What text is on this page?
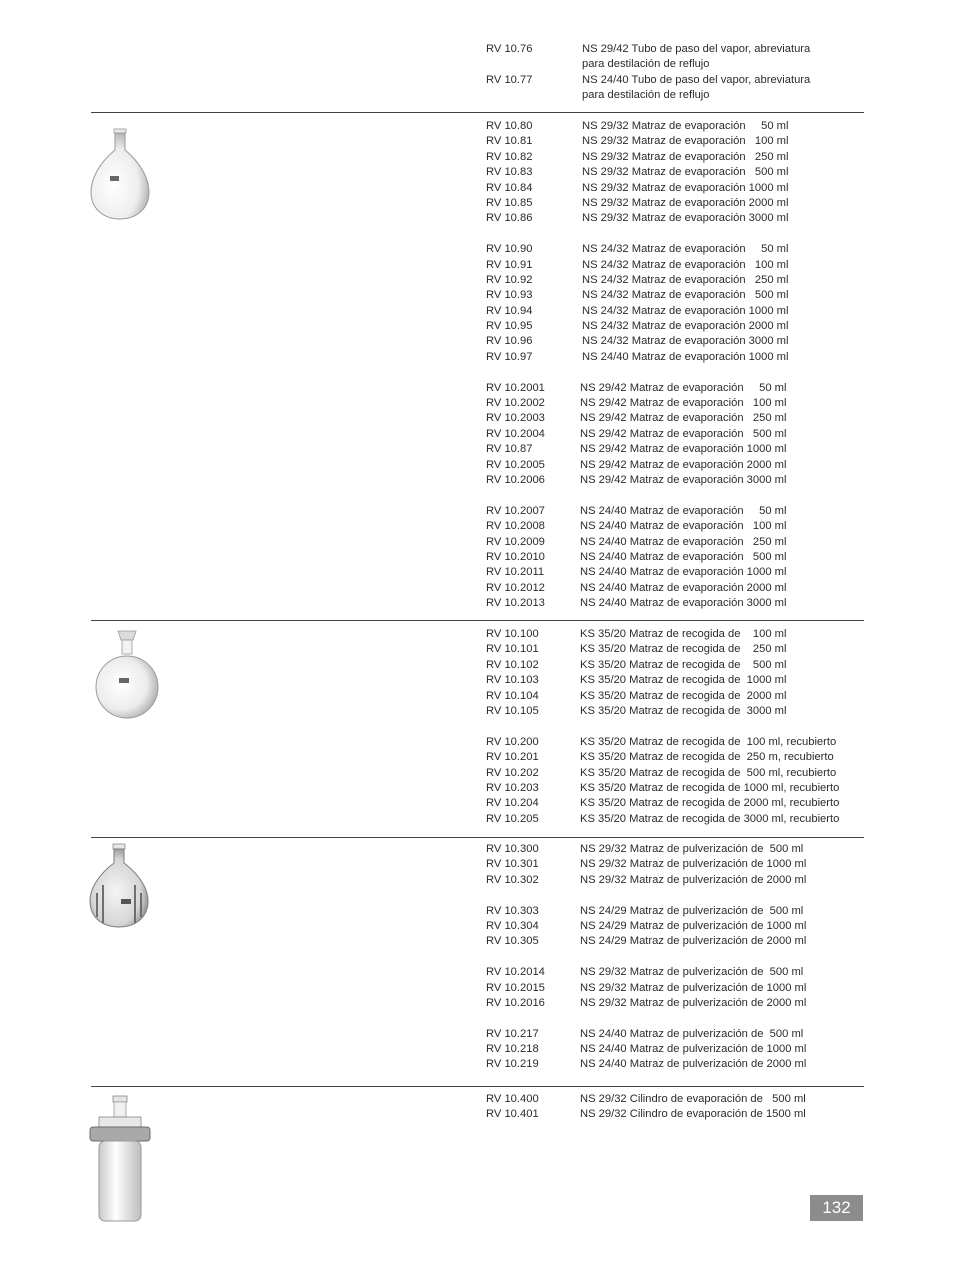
RV 10.76	NS 29/42 Tubo de paso del vapor, abreviatura
para destilación de reflujo
RV 10.77	NS 24/40 Tubo de paso del vapor, abreviatura
para destilación de reflujo
RV 10.80	NS 29/32 Matraz de evaporación     50 ml
RV 10.81	NS 29/32 Matraz de evaporación   100 ml
RV 10.82	NS 29/32 Matraz de evaporación   250 ml
RV 10.83	NS 29/32 Matraz de evaporación   500 ml
RV 10.84	NS 29/32 Matraz de evaporación 1000 ml
RV 10.85	NS 29/32 Matraz de evaporación 2000 ml
RV 10.86	NS 29/32 Matraz de evaporación 3000 ml
RV 10.90	NS 24/32 Matraz de evaporación     50 ml
RV 10.91	NS 24/32 Matraz de evaporación   100 ml
RV 10.92	NS 24/32 Matraz de evaporación   250 ml
RV 10.93	NS 24/32 Matraz de evaporación   500 ml
RV 10.94	NS 24/32 Matraz de evaporación 1000 ml
RV 10.95	NS 24/32 Matraz de evaporación 2000 ml
RV 10.96	NS 24/32 Matraz de evaporación 3000 ml
RV 10.97	NS 24/40 Matraz de evaporación 1000 ml
RV 10.2001	NS 29/42 Matraz de evaporación     50 ml
RV 10.2002	NS 29/42 Matraz de evaporación   100 ml
RV 10.2003	NS 29/42 Matraz de evaporación   250 ml
RV 10.2004	NS 29/42 Matraz de evaporación   500 ml
RV 10.87	NS 29/42 Matraz de evaporación 1000 ml
RV 10.2005	NS 29/42 Matraz de evaporación 2000 ml
RV 10.2006	NS 29/42 Matraz de evaporación 3000 ml
RV 10.2007	NS 24/40 Matraz de evaporación     50 ml
RV 10.2008	NS 24/40 Matraz de evaporación   100 ml
RV 10.2009	NS 24/40 Matraz de evaporación   250 ml
RV 10.2010	NS 24/40 Matraz de evaporación   500 ml
RV 10.2011	NS 24/40 Matraz de evaporación 1000 ml
RV 10.2012	NS 24/40 Matraz de evaporación 2000 ml
RV 10.2013	NS 24/40 Matraz de evaporación 3000 ml
RV 10.100	KS 35/20 Matraz de recogida de    100 ml
RV 10.101	KS 35/20 Matraz de recogida de    250 ml
RV 10.102	KS 35/20 Matraz de recogida de    500 ml
RV 10.103	KS 35/20 Matraz de recogida de  1000 ml
RV 10.104	KS 35/20 Matraz de recogida de  2000 ml
RV 10.105	KS 35/20 Matraz de recogida de  3000 ml
RV 10.200	KS 35/20 Matraz de recogida de  100 ml, recubierto
RV 10.201	KS 35/20 Matraz de recogida de  250 m, recubierto
RV 10.202	KS 35/20 Matraz de recogida de  500 ml, recubierto
RV 10.203	KS 35/20 Matraz de recogida de 1000 ml, recubierto
RV 10.204	KS 35/20 Matraz de recogida de 2000 ml, recubierto
RV 10.205	KS 35/20 Matraz de recogida de 3000 ml, recubierto
RV 10.300	NS 29/32 Matraz de pulverización de  500 ml
RV 10.301	NS 29/32 Matraz de pulverización de 1000 ml
RV 10.302	NS 29/32 Matraz de pulverización de 2000 ml
RV 10.303	NS 24/29 Matraz de pulverización de  500 ml
RV 10.304	NS 24/29 Matraz de pulverización de 1000 ml
RV 10.305	NS 24/29 Matraz de pulverización de 2000 ml
RV 10.2014	NS 29/32 Matraz de pulverización de  500 ml
RV 10.2015	NS 29/32 Matraz de pulverización de 1000 ml
RV 10.2016	NS 29/32 Matraz de pulverización de 2000 ml
RV 10.217	NS 24/40 Matraz de pulverización de  500 ml
RV 10.218	NS 24/40 Matraz de pulverización de 1000 ml
RV 10.219	NS 24/40 Matraz de pulverización de 2000 ml
RV 10.400	NS 29/32 Cilindro de evaporación de   500 ml
RV 10.401	NS 29/32 Cilindro de evaporación de 1500 ml
132
